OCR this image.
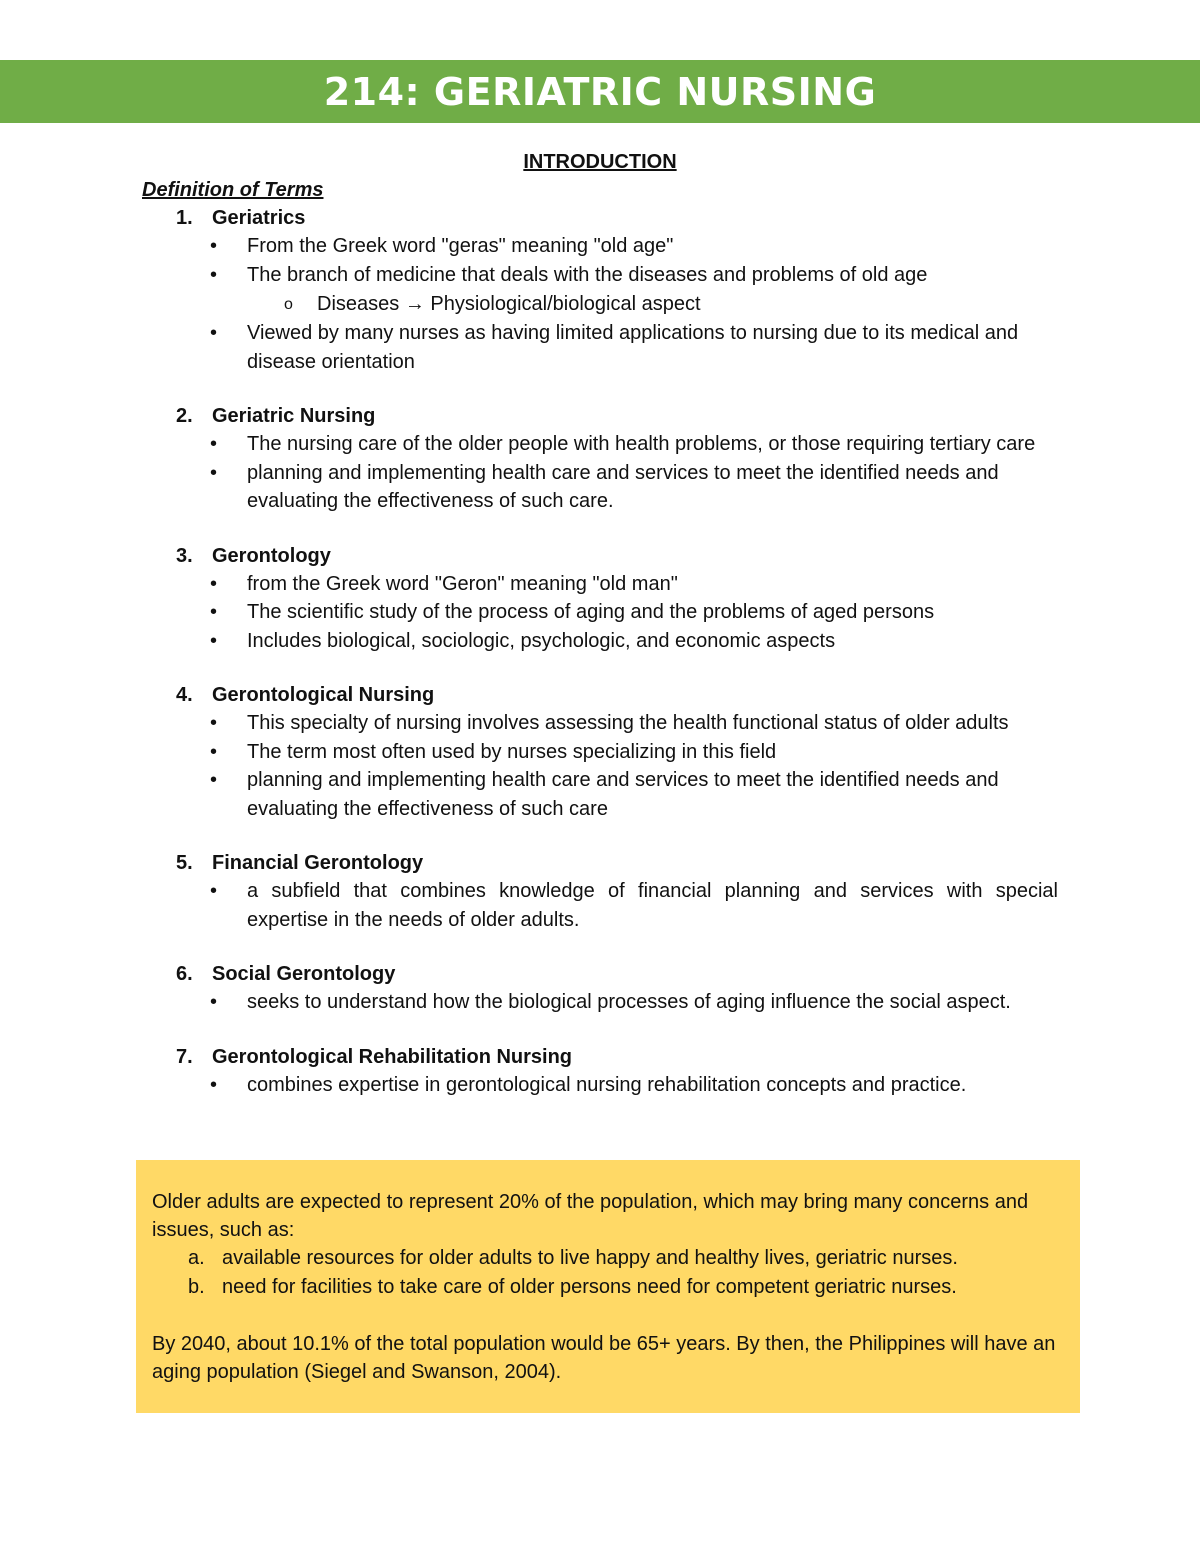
214: GERIATRIC NURSING
INTRODUCTION
Definition of Terms
1. Geriatrics
• From the Greek word "geras" meaning "old age"
• The branch of medicine that deals with the diseases and problems of old age
o Diseases → Physiological/biological aspect
• Viewed by many nurses as having limited applications to nursing due to its medical and disease orientation
2. Geriatric Nursing
• The nursing care of the older people with health problems, or those requiring tertiary care
• planning and implementing health care and services to meet the identified needs and evaluating the effectiveness of such care.
3. Gerontology
• from the Greek word "Geron" meaning "old man"
• The scientific study of the process of aging and the problems of aged persons
• Includes biological, sociologic, psychologic, and economic aspects
4. Gerontological Nursing
• This specialty of nursing involves assessing the health functional status of older adults
• The term most often used by nurses specializing in this field
• planning and implementing health care and services to meet the identified needs and evaluating the effectiveness of such care
5. Financial Gerontology
• a subfield that combines knowledge of financial planning and services with special expertise in the needs of older adults.
6. Social Gerontology
• seeks to understand how the biological processes of aging influence the social aspect.
7. Gerontological Rehabilitation Nursing
• combines expertise in gerontological nursing rehabilitation concepts and practice.

Older adults are expected to represent 20% of the population, which may bring many concerns and issues, such as:

a. available resources for older adults to live happy and healthy lives, geriatric nurses.
b. need for facilities to take care of older persons need for competent geriatric nurses.

By 2040, about 10.1% of the total population would be 65+ years. By then, the Philippines will have an aging population (Siegel and Swanson, 2004).
